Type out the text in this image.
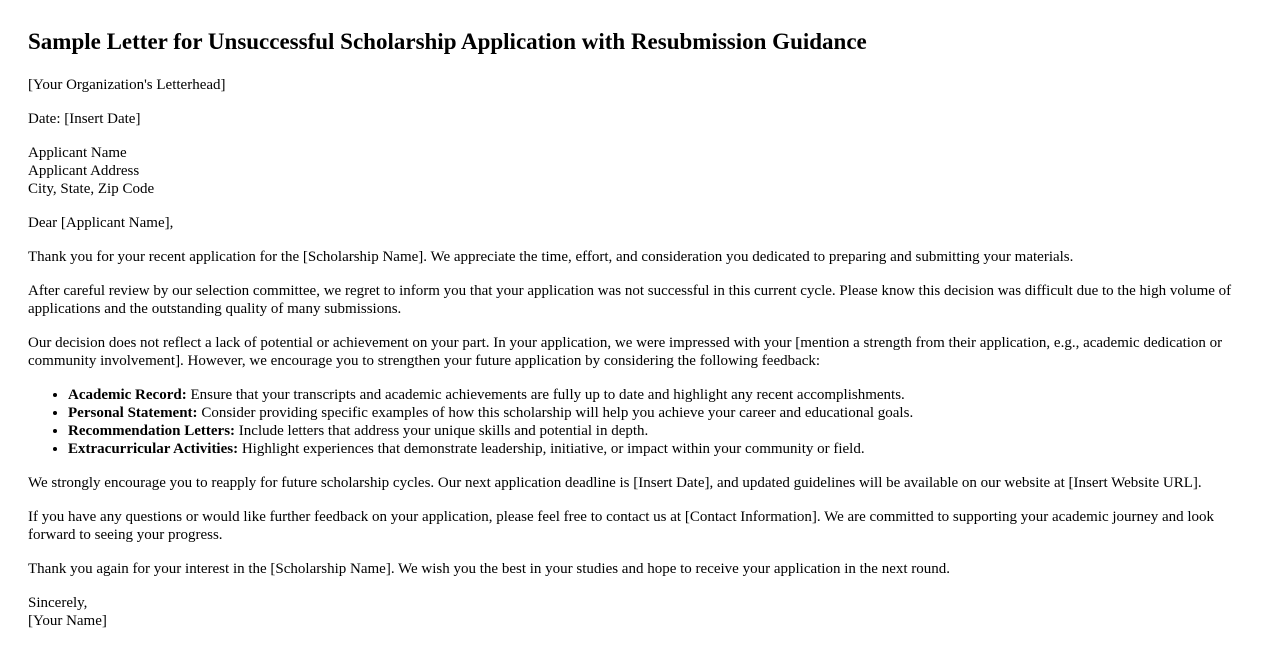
Sample Letter for Unsuccessful Scholarship Application with Resubmission Guidance

[Your Organization's Letterhead]

Date: [Insert Date]

Applicant Name
Applicant Address
City, State, Zip Code

Dear [Applicant Name],

Thank you for your recent application for the [Scholarship Name]. We appreciate the time, effort, and consideration you dedicated to preparing and submitting your materials.

After careful review by our selection committee, we regret to inform you that your application was not successful in this current cycle. Please know this decision was difficult due to the high volume of applications and the outstanding quality of many submissions.

Our decision does not reflect a lack of potential or achievement on your part. In your application, we were impressed with your [mention a strength from their application, e.g., academic dedication or community involvement]. However, we encourage you to strengthen your future application by considering the following feedback:

• Academic Record: Ensure that your transcripts and academic achievements are fully up to date and highlight any recent accomplishments.
• Personal Statement: Consider providing specific examples of how this scholarship will help you achieve your career and educational goals.
• Recommendation Letters: Include letters that address your unique skills and potential in depth.
• Extracurricular Activities: Highlight experiences that demonstrate leadership, initiative, or impact within your community or field.

We strongly encourage you to reapply for future scholarship cycles. Our next application deadline is [Insert Date], and updated guidelines will be available on our website at [Insert Website URL].

If you have any questions or would like further feedback on your application, please feel free to contact us at [Contact Information]. We are committed to supporting your academic journey and look forward to seeing your progress.

Thank you again for your interest in the [Scholarship Name]. We wish you the best in your studies and hope to receive your application in the next round.

Sincerely,
[Your Name]
